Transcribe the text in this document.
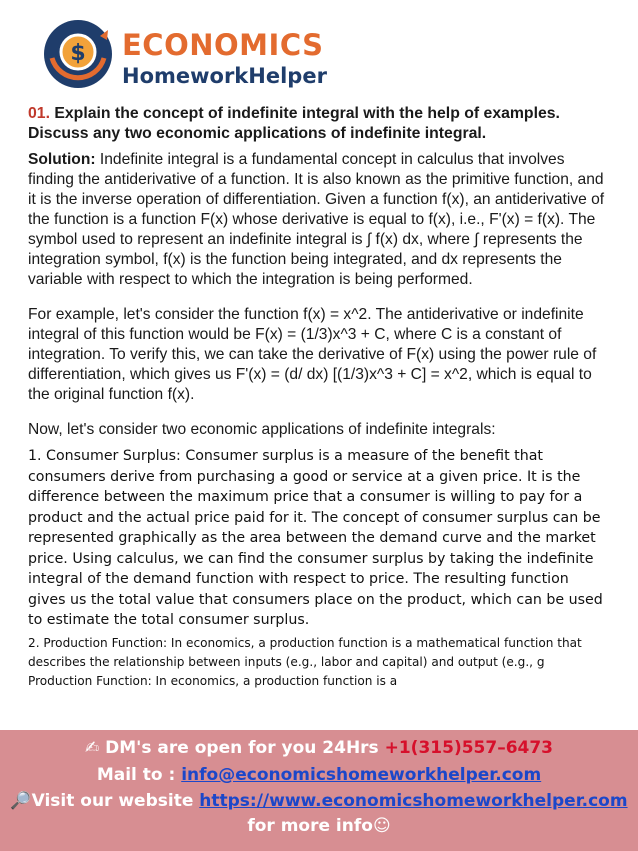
$ ECONOMICS
HomeworkHelper

01. Explain the concept of indefinite integral with the help of examples. Discuss any two economic applications of indefinite integral.

Solution: Indefinite integral is a fundamental concept in calculus that involves finding the antiderivative of a function. It is also known as the primitive function, and it is the inverse operation of differentiation. Given a function f(x), an antiderivative of the function is a function F(x) whose derivative is equal to f(x), i.e., F'(x) = f(x). The symbol used to represent an indefinite integral is ∫ f(x) dx, where ∫ represents the integration symbol, f(x) is the function being integrated, and dx represents the variable with respect to which the integration is being performed.

For example, let's consider the function f(x) = x^2. The antiderivative or indefinite integral of this function would be F(x) = (1/3)x^3 + C, where C is a constant of integration. To verify this, we can take the derivative of F(x) using the power rule of differentiation, which gives us F'(x) = (d/ dx) [(1/3)x^3 + C] = x^2, which is equal to the original function f(x).

Now, let's consider two economic applications of indefinite integrals:

1. Consumer Surplus: Consumer surplus is a measure of the benefit that consumers derive from purchasing a good or service at a given price. It is the difference between the maximum price that a consumer is willing to pay for a product and the actual price paid for it. The concept of consumer surplus can be represented graphically as the area between the demand curve and the market price. Using calculus, we can find the consumer surplus by taking the indefinite integral of the demand function with respect to price. The resulting function gives us the total value that consumers place on the product, which can be used to estimate the total consumer surplus.

2. Production Function: In economics, a production function is a mathematical function that describes the relationship between inputs (e.g., labor and capital) and output (e.g., g Production Function: In economics, a production function is a

✍ DM's are open for you 24Hrs +1(315)557–6473
Mail to : info@economicshomeworkhelper.com
🔎Visit our website https://www.economicshomeworkhelper.com
for more info☺
